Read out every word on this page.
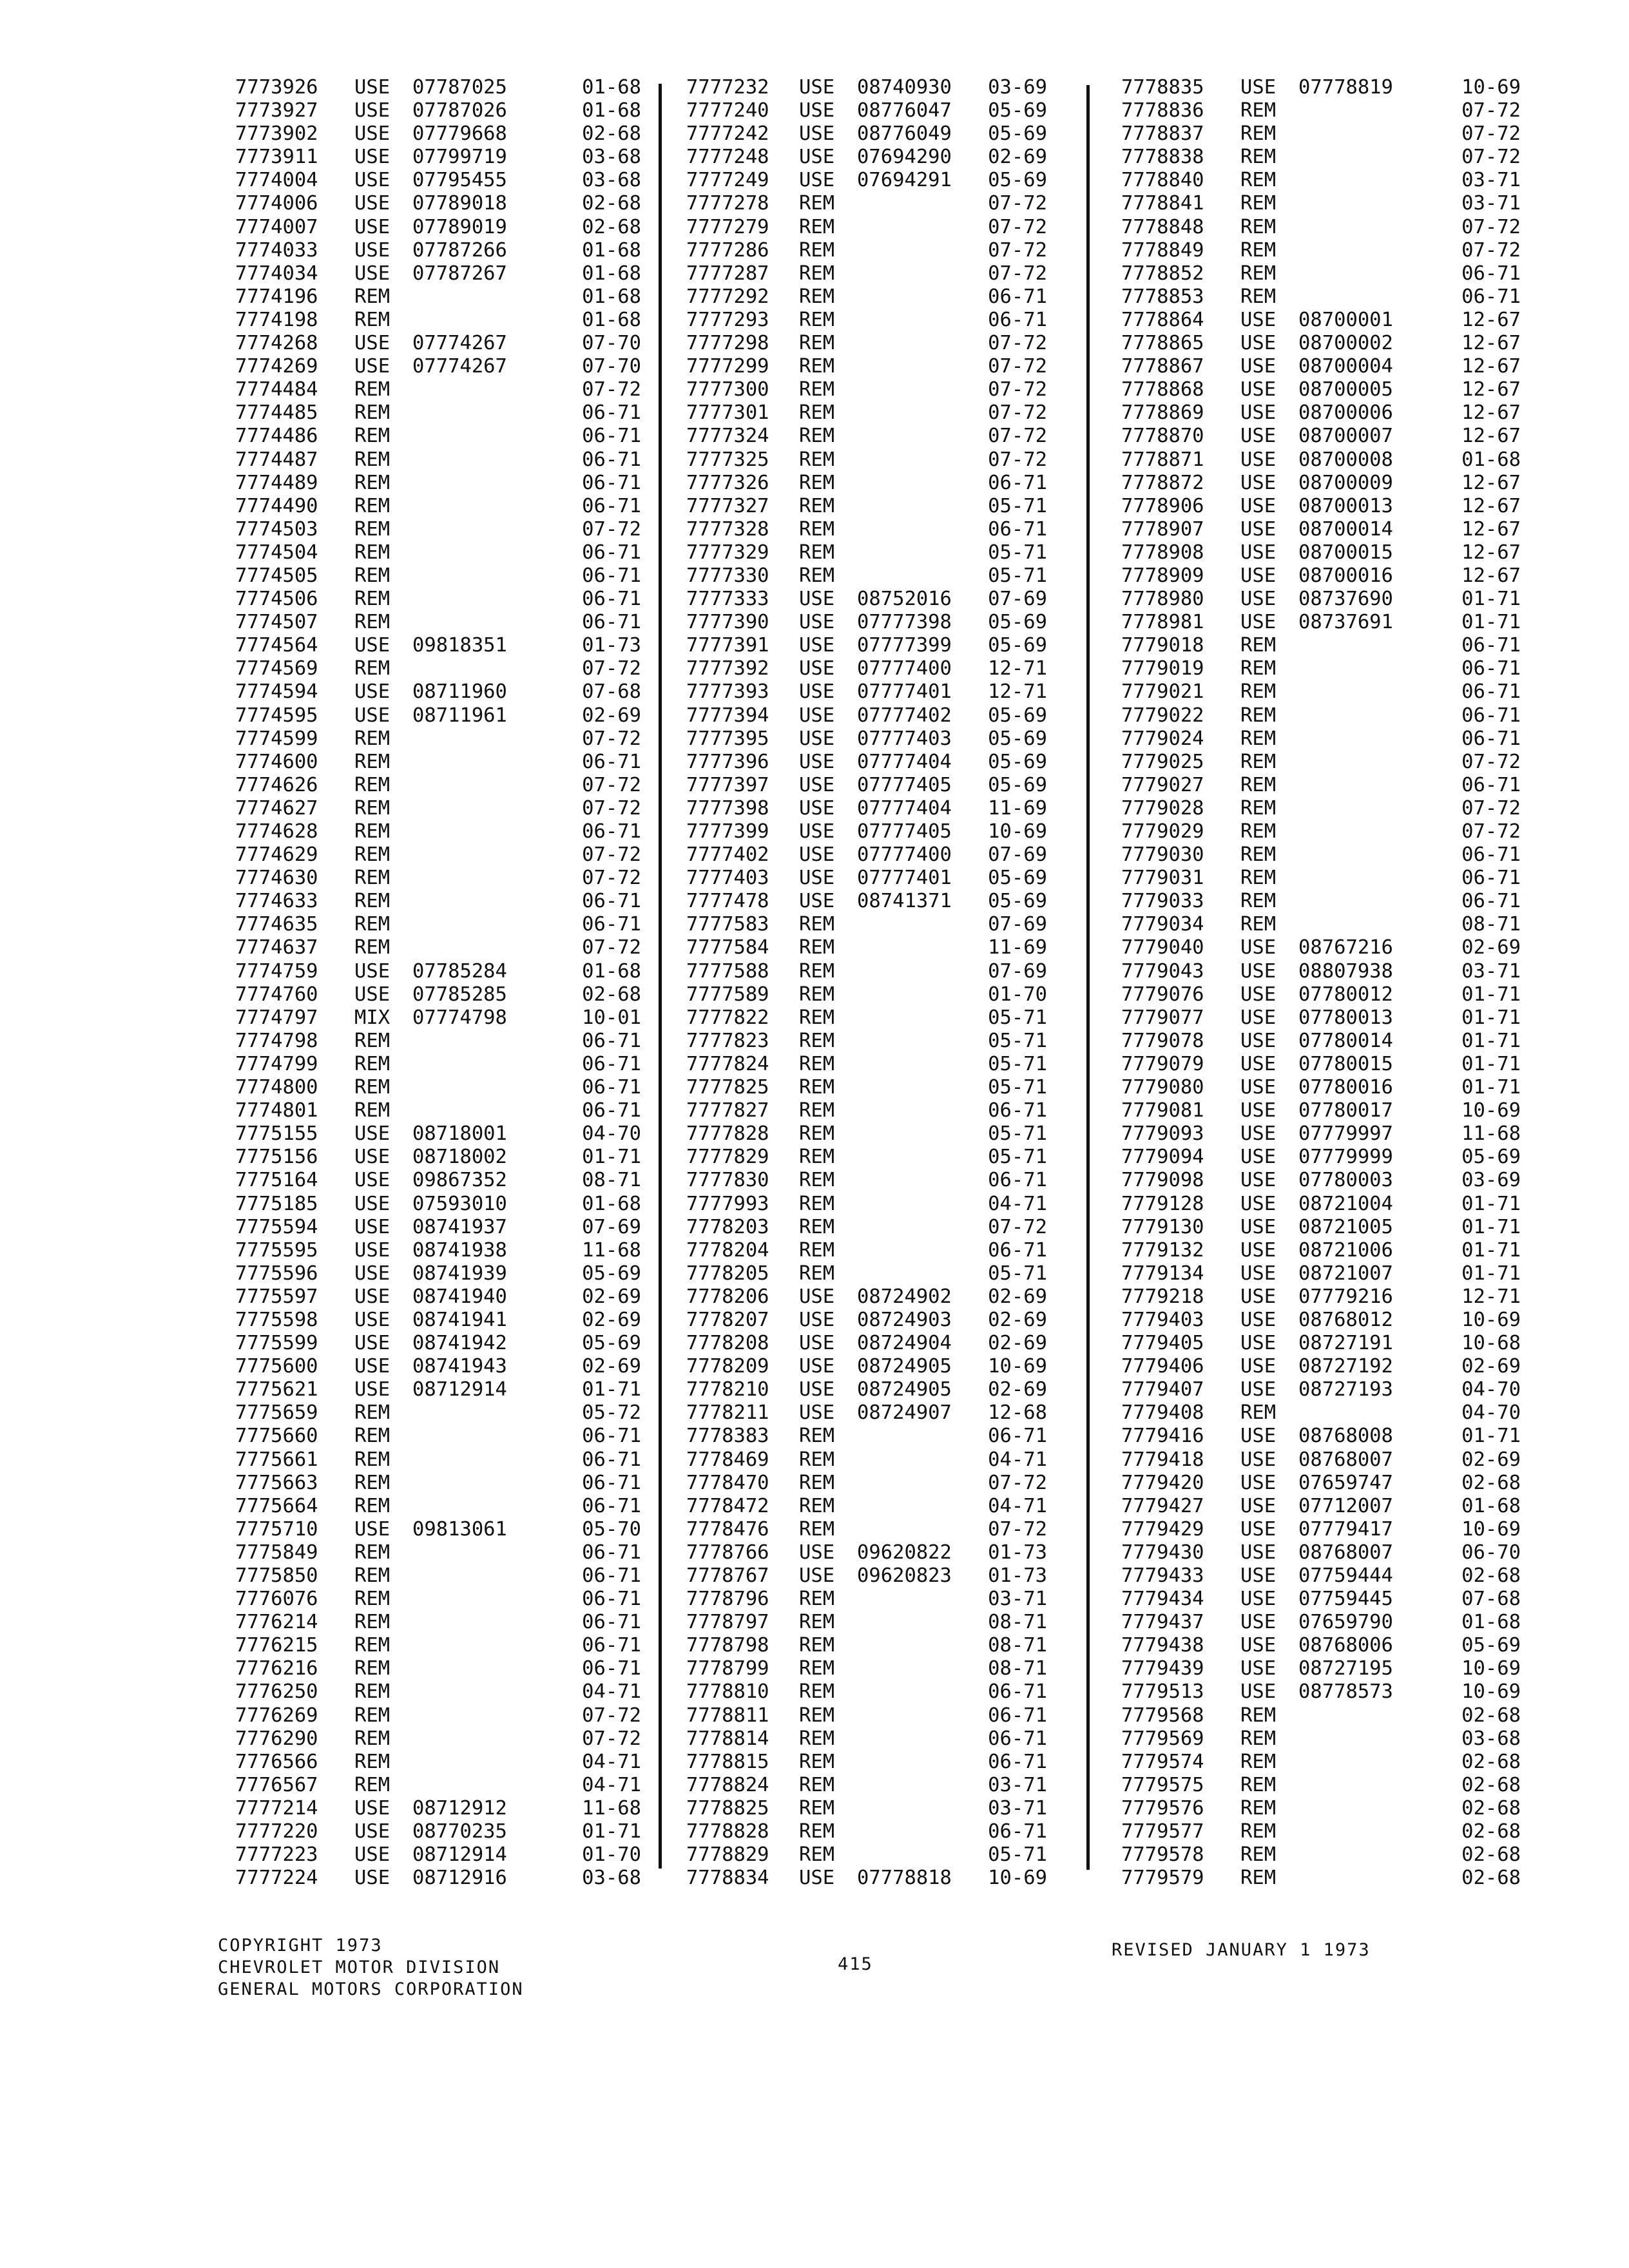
7773926 USE 07787025	01-68
7773927 USE 07787026	01-68
7773902 USE 07779668	02-68
7773911 USE 07799719	03-68
7774004 USE 07795455	03-68
7774006 USE 07789018	02-68
7774007 USE 07789019	02-68
7774033 USE 07787266	01-68
7774034 USE 07787267	01-68
7774196 REM	01-68
7774198 REM	01-68
7774268 USE 07774267	07-70
7774269 USE 07774267	07-70
7774484 REM	07-72
7774485 REM	06-71
7774486 REM	06-71
7774487 REM	06-71
7774489 REM	06-71
7774490 REM	06-71
7774503 REM	07-72
7774504 REM	06-71
7774505 REM	06-71
7774506 REM	06-71
7774507 REM	06-71
7774564 USE 09818351	01-73
7774569 REM	07-72
7774594 USE 08711960	07-68
7774595 USE 08711961	02-69
7774599 REM	07-72
7774600 REM	06-71
7774626 REM	07-72
7774627 REM	07-72
7774628 REM	06-71
7774629 REM	07-72
7774630 REM	07-72
7774633 REM	06-71
7774635 REM	06-71
7774637 REM	07-72
7774759 USE 07785284	01-68
7774760 USE 07785285	02-68
7774797 MIX 07774798	10-01
7774798 REM	06-71
7774799 REM	06-71
7774800 REM	06-71
7774801 REM	06-71
7775155 USE 08718001	04-70
7775156 USE 08718002	01-71
7775164 USE 09867352	08-71
7775185 USE 07593010	01-68
7775594 USE 08741937	07-69
7775595 USE 08741938	11-68
7775596 USE 08741939	05-69
7775597 USE 08741940	02-69
7775598 USE 08741941	02-69
7775599 USE 08741942	05-69
7775600 USE 08741943	02-69
7775621 USE 08712914	01-71
7775659 REM	05-72
7775660 REM	06-71
7775661 REM	06-71
7775663 REM	06-71
7775664 REM	06-71
7775710 USE 09813061	05-70
7775849 REM	06-71
7775850 REM	06-71
7776076 REM	06-71
7776214 REM	06-71
7776215 REM	06-71
7776216 REM	06-71
7776250 REM	04-71
7776269 REM	07-72
7776290 REM	07-72
7776566 REM	04-71
7776567 REM	04-71
7777214 USE 08712912	11-68
7777220 USE 08770235	01-71
7777223 USE 08712914	01-70
7777224 USE 08712916	03-68
7777232 USE 08740930 03-69
7777240 USE 08776047 05-69
7777242 USE 08776049 05-69
7777248 USE 07694290 02-69
7777249 USE 07694291 05-69
7777278 REM	07-72
7777279 REM	07-72
7777286 REM	07-72
7777287 REM	07-72
7777292 REM	06-71
7777293 REM	06-71
7777298 REM	07-72
7777299 REM	07-72
7777300 REM	07-72
7777301 REM	07-72
7777324 REM	07-72
7777325 REM	07-72
7777326 REM	06-71
7777327 REM	05-71
7777328 REM	06-71
7777329 REM	05-71
7777330 REM	05-71
7777333 USE 08752016 07-69
7777390 USE 07777398 05-69
7777391 USE 07777399 05-69
7777392 USE 07777400 12-71
7777393 USE 07777401 12-71
7777394 USE 07777402 05-69
7777395 USE 07777403 05-69
7777396 USE 07777404 05-69
7777397 USE 07777405 05-69
7777398 USE 07777404 11-69
7777399 USE 07777405 10-69
7777402 USE 07777400 07-69
7777403 USE 07777401 05-69
7777478 USE 08741371 05-69
7777583 REM	07-69
7777584 REM	11-69
7777588 REM	07-69
7777589 REM	01-70
7777822 REM	05-71
7777823 REM	05-71
7777824 REM	05-71
7777825 REM	05-71
7777827 REM	06-71
7777828 REM	05-71
7777829 REM	05-71
7777830 REM	06-71
7777993 REM	04-71
7778203 REM	07-72
7778204 REM	06-71
7778205 REM	05-71
7778206 USE 08724902 02-69
7778207 USE 08724903 02-69
7778208 USE 08724904 02-69
7778209 USE 08724905 10-69
7778210 USE 08724905 02-69
7778211 USE 08724907 12-68
7778383 REM	06-71
7778469 REM	04-71
7778470 REM	07-72
7778472 REM	04-71
7778476 REM	07-72
7778766 USE 09620822 01-73
7778767 USE 09620823 01-73
7778796 REM	03-71
7778797 REM	08-71
7778798 REM	08-71
7778799 REM	08-71
7778810 REM	06-71
7778811 REM	06-71
7778814 REM	06-71
7778815 REM	06-71
7778824 REM	03-71
7778825 REM	03-71
7778828 REM	06-71
7778829 REM	05-71
7778834 USE 07778818 10-69
7778835 USE 07778819	10-69
7778836 REM	07-72
7778837 REM	07-72
7778838 REM	07-72
7778840 REM	03-71
7778841 REM	03-71
7778848 REM	07-72
7778849 REM	07-72
7778852 REM	06-71
7778853 REM	06-71
7778864 USE 08700001	12-67
7778865 USE 08700002	12-67
7778867 USE 08700004	12-67
7778868 USE 08700005	12-67
7778869 USE 08700006	12-67
7778870 USE 08700007	12-67
7778871 USE 08700008	01-68
7778872 USE 08700009	12-67
7778906 USE 08700013	12-67
7778907 USE 08700014	12-67
7778908 USE 08700015	12-67
7778909 USE 08700016	12-67
7778980 USE 08737690	01-71
7778981 USE 08737691	01-71
7779018 REM	06-71
7779019 REM	06-71
7779021 REM	06-71
7779022 REM	06-71
7779024 REM	06-71
7779025 REM	07-72
7779027 REM	06-71
7779028 REM	07-72
7779029 REM	07-72
7779030 REM	06-71
7779031 REM	06-71
7779033 REM	06-71
7779034 REM	08-71
7779040 USE 08767216	02-69
7779043 USE 08807938	03-71
7779076 USE 07780012	01-71
7779077 USE 07780013	01-71
7779078 USE 07780014	01-71
7779079 USE 07780015	01-71
7779080 USE 07780016	01-71
7779081 USE 07780017	10-69
7779093 USE 07779997	11-68
7779094 USE 07779999	05-69
7779098 USE 07780003	03-69
7779128 USE 08721004	01-71
7779130 USE 08721005	01-71
7779132 USE 08721006	01-71
7779134 USE 08721007	01-71
7779218 USE 07779216	12-71
7779403 USE 08768012	10-69
7779405 USE 08727191	10-68
7779406 USE 08727192	02-69
7779407 USE 08727193	04-70
7779408 REM	04-70
7779416 USE 08768008	01-71
7779418 USE 08768007	02-69
7779420 USE 07659747	02-68
7779427 USE 07712007	01-68
7779429 USE 07779417	10-69
7779430 USE 08768007	06-70
7779433 USE 07759444	02-68
7779434 USE 07759445	07-68
7779437 USE 07659790	01-68
7779438 USE 08768006	05-69
7779439 USE 08727195	10-69
7779513 USE 08778573	10-69
7779568 REM	02-68
7779569 REM	03-68
7779574 REM	02-68
7779575 REM	02-68
7779576 REM	02-68
7779577 REM	02-68
7779578 REM	02-68
7779579 REM	02-68
COPYRIGHT 1973
CHEVROLET MOTOR DIVISION
GENERAL MOTORS CORPORATION
415
REVISED JANUARY 1 1973
